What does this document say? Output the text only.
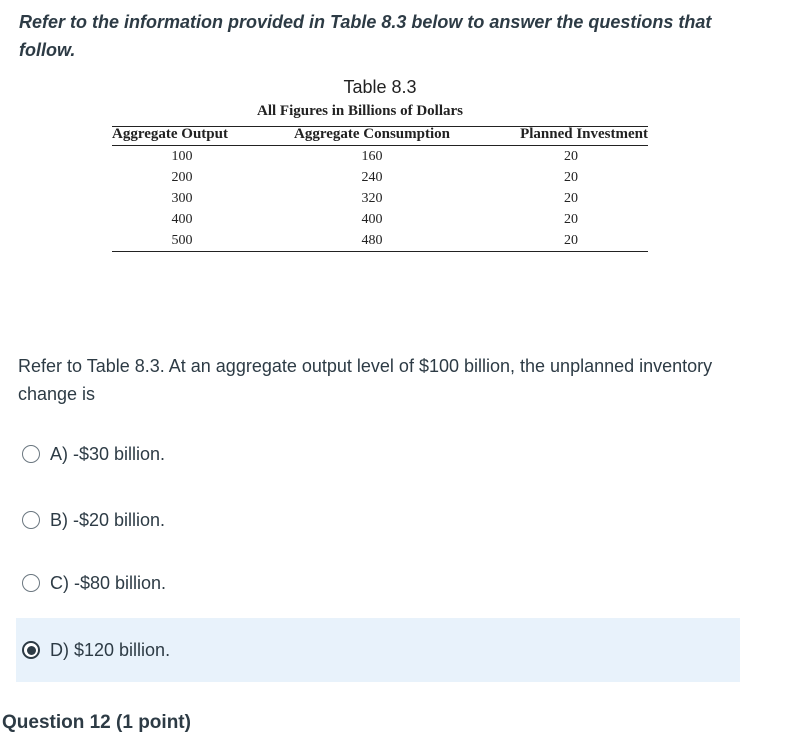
Refer to the information provided in Table 8.3 below to answer the questions that follow.

Table 8.3
All Figures in Billions of Dollars
Aggregate Output	Aggregate Consumption	Planned Investment
100	160	20
200	240	20
300	320	20
400	400	20
500	480	20

Refer to Table 8.3. At an aggregate output level of $100 billion, the unplanned inventory change is

A) -$30 billion.
B) -$20 billion.
C) -$80 billion.
D) $120 billion.
Question 12 (1 point)
